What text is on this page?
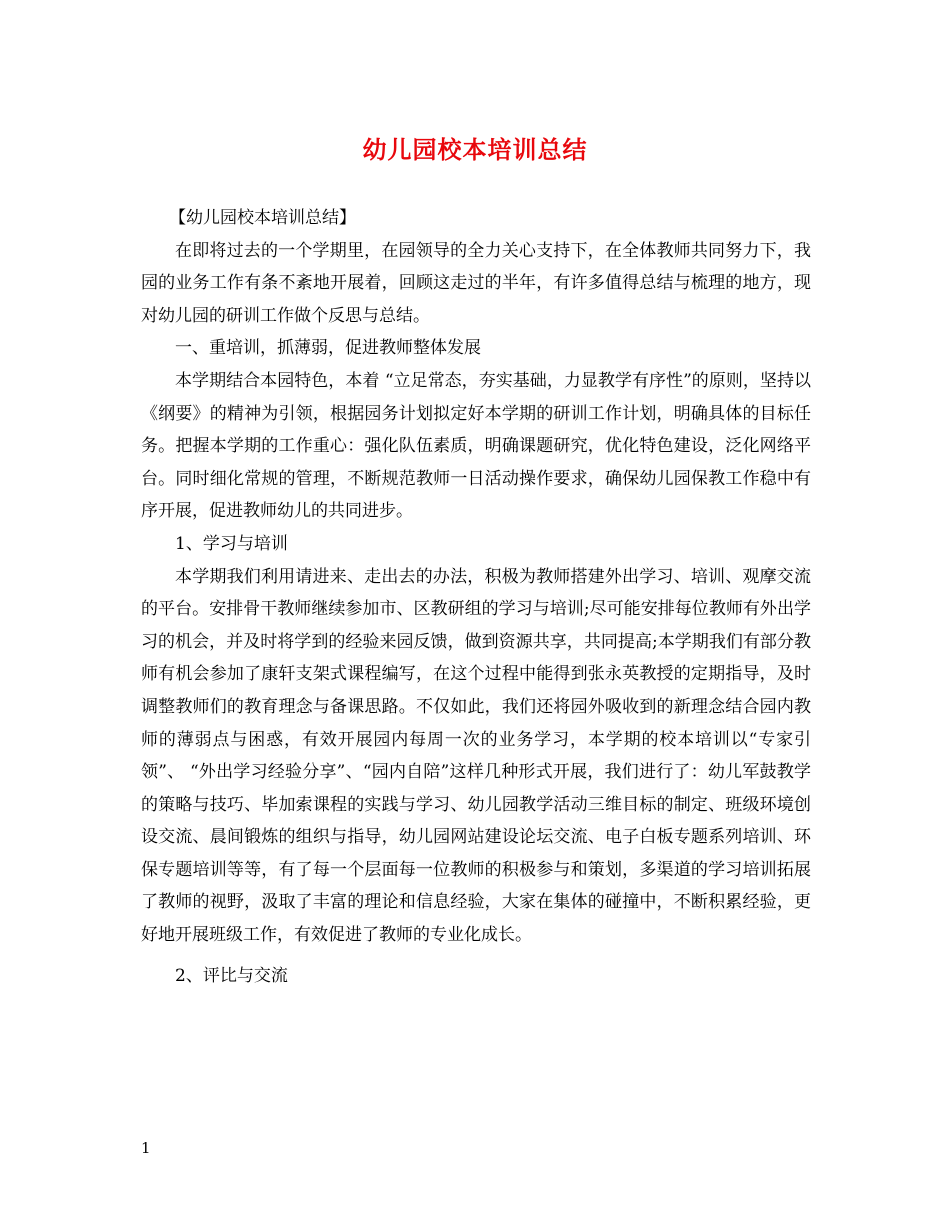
幼儿园校本培训总结

【幼儿园校本培训总结】

在即将过去的一个学期里，在园领导的全力关心支持下，在全体教师共同努力下，我园的业务工作有条不紊地开展着，回顾这走过的半年，有许多值得总结与梳理的地方，现对幼儿园的研训工作做个反思与总结。

一、重培训，抓薄弱，促进教师整体发展

本学期结合本园特色，本着 “立足常态，夯实基础，力显教学有序性”的原则，坚持以《纲要》的精神为引领，根据园务计划拟定好本学期的研训工作计划，明确具体的目标任务。把握本学期的工作重心：强化队伍素质，明确课题研究，优化特色建设，泛化网络平台。同时细化常规的管理，不断规范教师一日活动操作要求，确保幼儿园保教工作稳中有序开展，促进教师幼儿的共同进步。

1、学习与培训

本学期我们利用请进来、走出去的办法，积极为教师搭建外出学习、培训、观摩交流的平台。安排骨干教师继续参加市、区教研组的学习与培训;尽可能安排每位教师有外出学习的机会，并及时将学到的经验来园反馈，做到资源共享，共同提高;本学期我们有部分教师有机会参加了康轩支架式课程编写，在这个过程中能得到张永英教授的定期指导，及时调整教师们的教育理念与备课思路。不仅如此，我们还将园外吸收到的新理念结合园内教师的薄弱点与困惑，有效开展园内每周一次的业务学习，本学期的校本培训以“专家引领”、 “外出学习经验分享”、“园内自陪”这样几种形式开展，我们进行了：幼儿军鼓教学的策略与技巧、毕加索课程的实践与学习、幼儿园教学活动三维目标的制定、班级环境创设交流、晨间锻炼的组织与指导，幼儿园网站建设论坛交流、电子白板专题系列培训、环保专题培训等等，有了每一个层面每一位教师的积极参与和策划，多渠道的学习培训拓展了教师的视野，汲取了丰富的理论和信息经验，大家在集体的碰撞中，不断积累经验，更好地开展班级工作，有效促进了教师的专业化成长。

2、评比与交流

1
